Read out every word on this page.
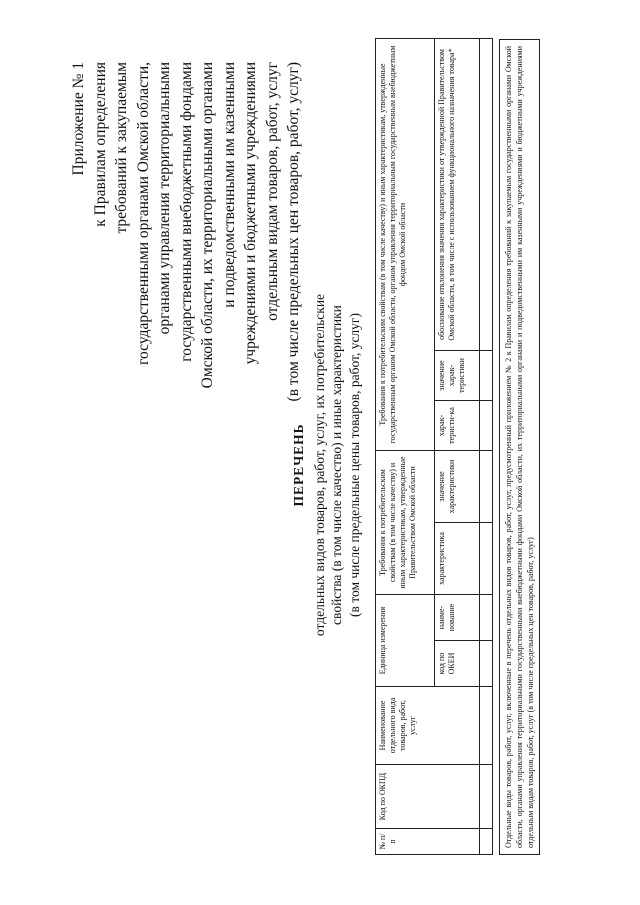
Приложение № 1 к Правилам определения требований к закупаемым государственными органами Омской области, органами управления территориальными государственными внебюджетными фондами Омской области, их территориальными органами и подведомственными им казенными учреждениями и бюджетными учреждениями отдельным видам товаров, работ, услуг (в том числе предельных цен товаров, работ, услуг)
ПЕРЕЧЕНЬ отдельных видов товаров, работ, услуг, их потребительские свойства (в том числе качество) и иные характеристики (в том числе предельные цены товаров, работ, услуг)
№ п/п	Код по ОКПД	Наименование отдельного вида товаров, работ, услуг	Единица измерения		Требования к потребительским свойствам (в том числе качеству) и иным характеристикам, утвержденные Правительством Омской области		Требования к потребительским свойствам (в том числе качеству) и иным характеристикам, утвержденные государственным органом Омской области, органом управления территориальным государственным внебюджетным фондом Омской области		
			код по ОКЕИ	наиме-нование	характеристика	значение характеристики	харак-теристи-ка	значение харак-теристики	обоснование отклонения значения характеристики от утвержденной Правительством Омской области, в том числе с использованием функционального назначения товара*
										Отдельные виды товаров, работ, услуг, включенные в перечень отдельных видов товаров, работ, услуг, предусмотренный приложением № 2 к Правилам определения требований к закупаемым государственными органами Омской области, органами управления территориальными государственными внебюджетными фондами Омской области, их территориальными органами и подведомственными им казенными учреждениями и бюджетными учреждениями отдельным видам товаров, работ, услуг (в том числе предельных цен товаров, работ, услуг)
